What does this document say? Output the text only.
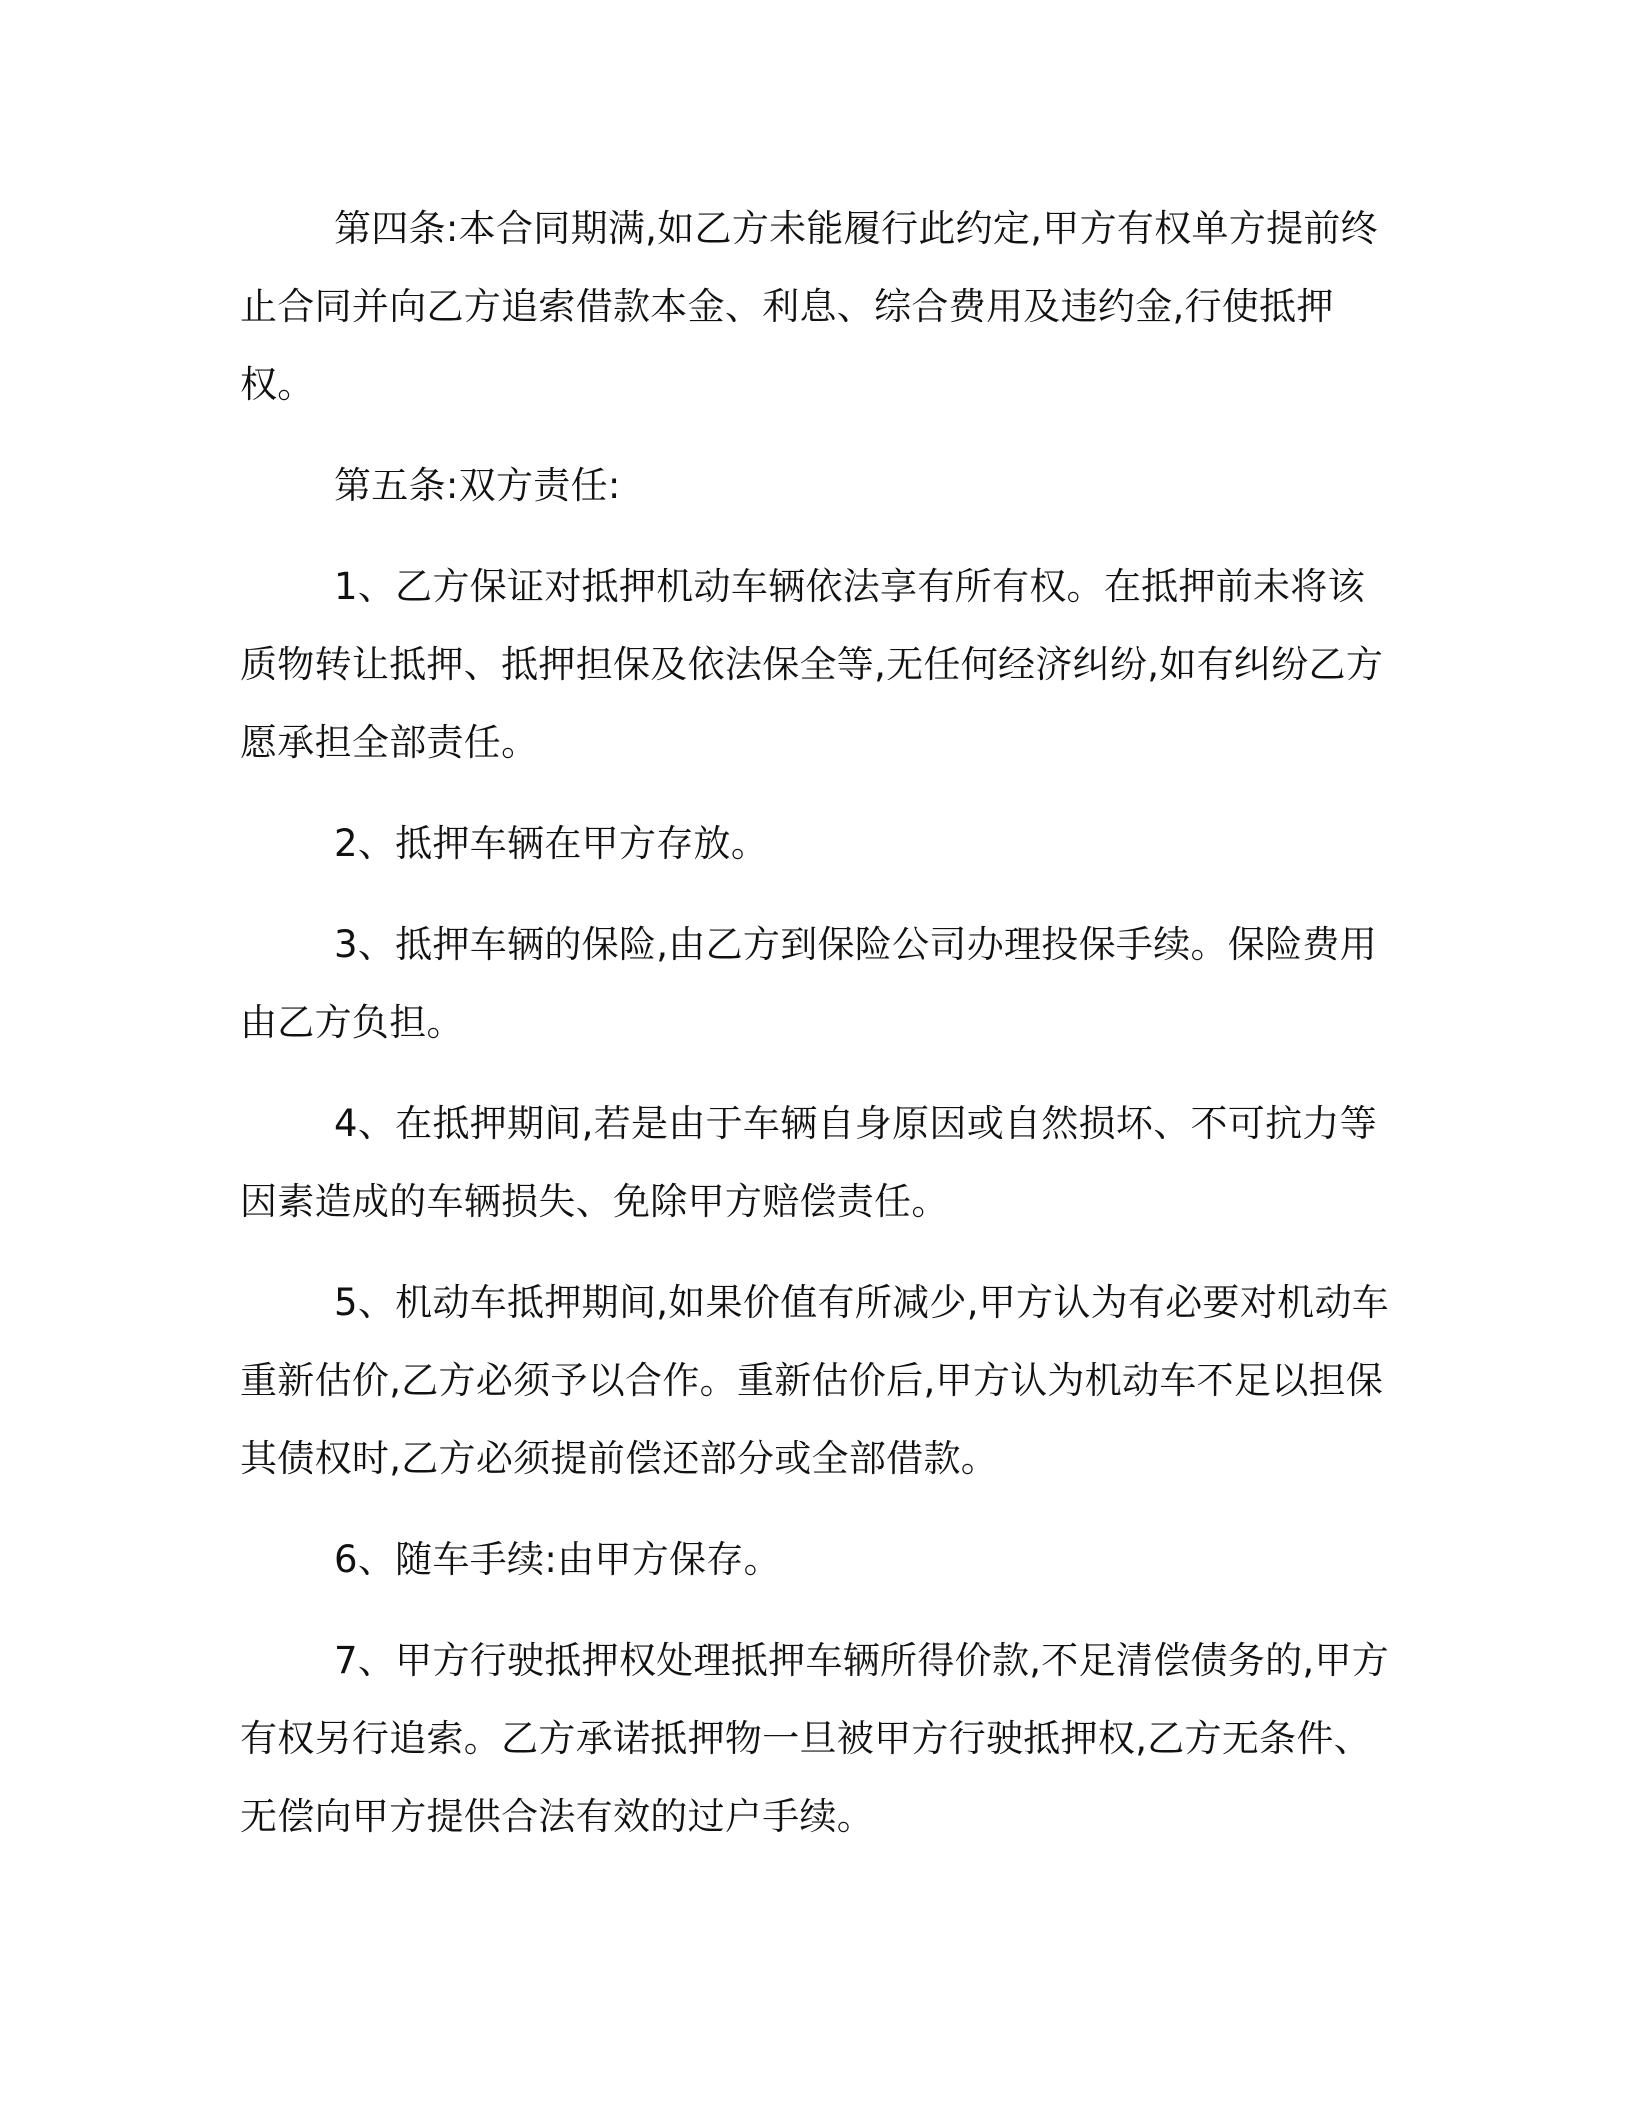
第四条:本合同期满,如乙方未能履行此约定,甲方有权单方提前终止合同并向乙方追索借款本金、利息、综合费用及违约金,行使抵押权。

第五条:双方责任:

1、乙方保证对抵押机动车辆依法享有所有权。在抵押前未将该质物转让抵押、抵押担保及依法保全等,无任何经济纠纷,如有纠纷乙方愿承担全部责任。

2、抵押车辆在甲方存放。

3、抵押车辆的保险,由乙方到保险公司办理投保手续。保险费用由乙方负担。

4、在抵押期间,若是由于车辆自身原因或自然损坏、不可抗力等因素造成的车辆损失、免除甲方赔偿责任。

5、机动车抵押期间,如果价值有所减少,甲方认为有必要对机动车重新估价,乙方必须予以合作。重新估价后,甲方认为机动车不足以担保其债权时,乙方必须提前偿还部分或全部借款。

6、随车手续:由甲方保存。

7、甲方行驶抵押权处理抵押车辆所得价款,不足清偿债务的,甲方有权另行追索。乙方承诺抵押物一旦被甲方行驶抵押权,乙方无条件、无偿向甲方提供合法有效的过户手续。
